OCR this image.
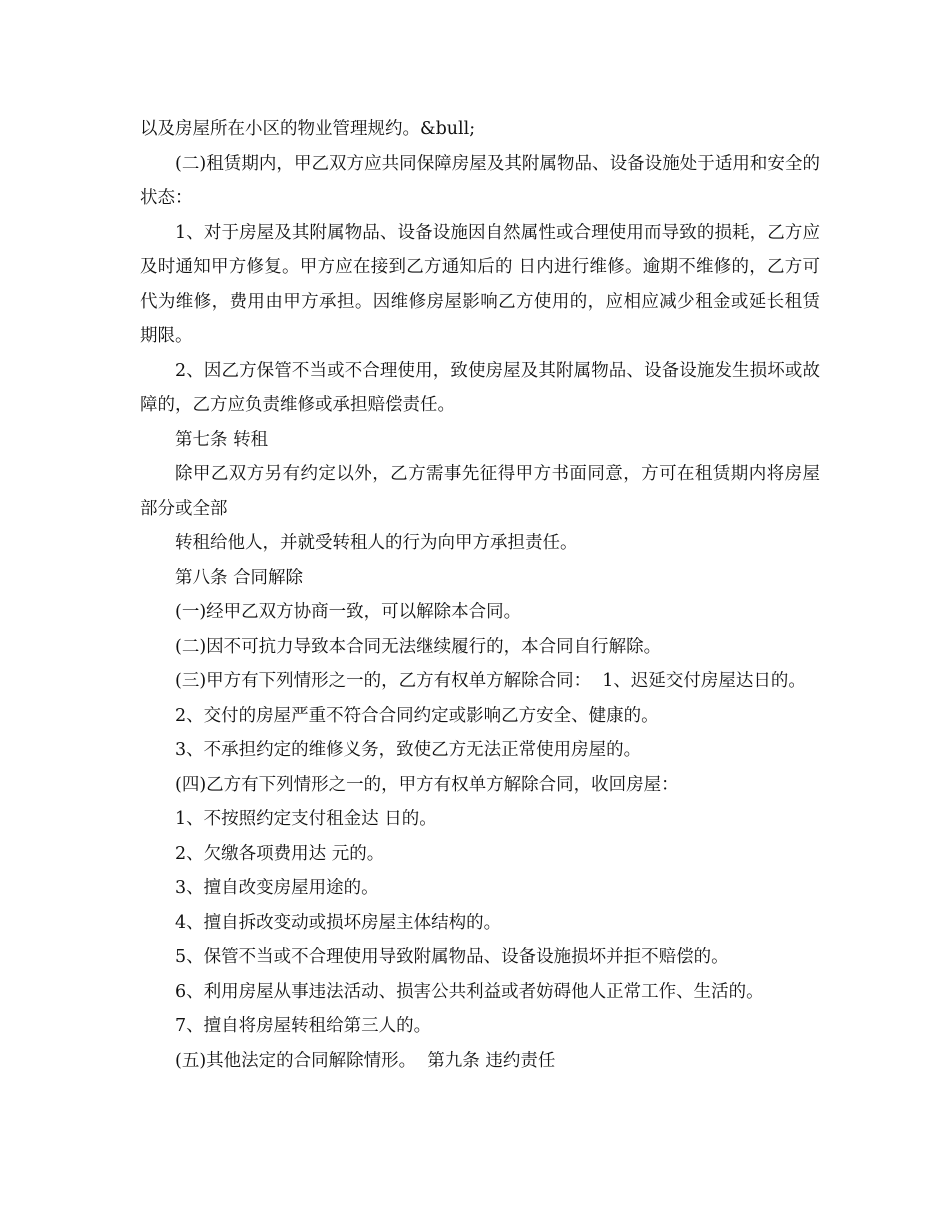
以及房屋所在小区的物业管理规约。&bull;

(二)租赁期内，甲乙双方应共同保障房屋及其附属物品、设备设施处于适用和安全的状态：

1、对于房屋及其附属物品、设备设施因自然属性或合理使用而导致的损耗，乙方应及时通知甲方修复。甲方应在接到乙方通知后的 日内进行维修。逾期不维修的，乙方可代为维修，费用由甲方承担。因维修房屋影响乙方使用的，应相应减少租金或延长租赁期限。

2、因乙方保管不当或不合理使用，致使房屋及其附属物品、设备设施发生损坏或故障的，乙方应负责维修或承担赔偿责任。

第七条 转租

除甲乙双方另有约定以外，乙方需事先征得甲方书面同意，方可在租赁期内将房屋部分或全部

转租给他人，并就受转租人的行为向甲方承担责任。

第八条 合同解除

(一)经甲乙双方协商一致，可以解除本合同。

(二)因不可抗力导致本合同无法继续履行的，本合同自行解除。

(三)甲方有下列情形之一的，乙方有权单方解除合同：  1、迟延交付房屋达日的。

2、交付的房屋严重不符合合同约定或影响乙方安全、健康的。

3、不承担约定的维修义务，致使乙方无法正常使用房屋的。

(四)乙方有下列情形之一的，甲方有权单方解除合同，收回房屋：

1、不按照约定支付租金达 日的。

2、欠缴各项费用达 元的。

3、擅自改变房屋用途的。

4、擅自拆改变动或损坏房屋主体结构的。

5、保管不当或不合理使用导致附属物品、设备设施损坏并拒不赔偿的。

6、利用房屋从事违法活动、损害公共利益或者妨碍他人正常工作、生活的。

7、擅自将房屋转租给第三人的。

(五)其他法定的合同解除情形。  第九条 违约责任
